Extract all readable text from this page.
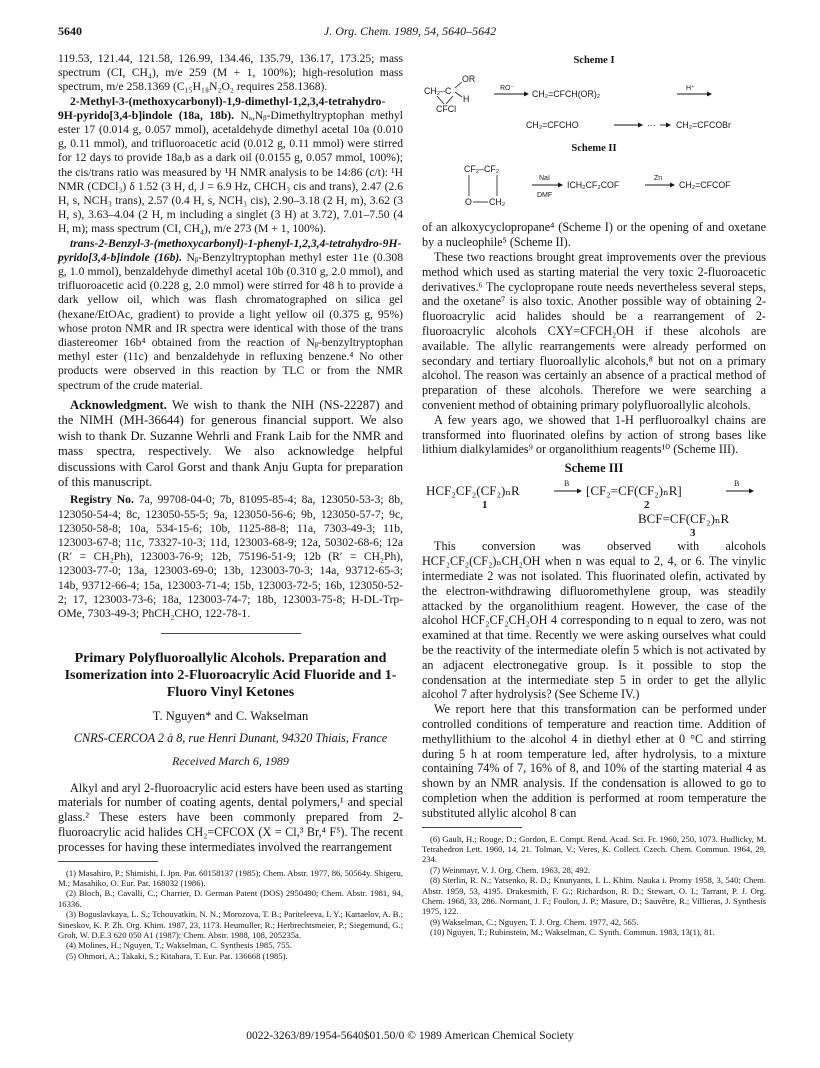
5640	J. Org. Chem. 1989, 54, 5640–5642

119.53, 121.44, 121.58, 126.99, 134.46, 135.79, 136.17, 173.25; mass spectrum (CI, CH₄), m/e 259 (M + 1, 100%); high-resolution mass spectrum, m/e 258.1369 (C₁₅H₁₈N₂O₂ requires 258.1368).

2-Methyl-3-(methoxycarbonyl)-1,9-dimethyl-1,2,3,4-tetrahydro-9H-pyrido[3,4-b]indole (18a, 18b). Nₐ,Nᵦ-Dimethyltryptophan methyl ester 17 (0.014 g, 0.057 mmol), acetaldehyde dimethyl acetal 10a (0.010 g, 0.11 mmol), and trifluoroacetic acid (0.012 g, 0.11 mmol) were stirred for 12 days to provide 18a,b as a dark oil (0.0155 g, 0.057 mmol, 100%); the cis/trans ratio was measured by ¹H NMR analysis to be 14:86 (c/t): ¹H NMR (CDCl₃) δ 1.52 (3 H, d, J = 6.9 Hz, CHCH₃ cis and trans), 2.47 (2.6 H, s, NCH₃ trans), 2.57 (0.4 H, s, NCH₃ cis), 2.90–3.18 (2 H, m), 3.62 (3 H, s), 3.63–4.04 (2 H, m including a singlet (3 H) at 3.72), 7.01–7.50 (4 H, m); mass spectrum (CI, CH₄), m/e 273 (M + 1, 100%).

trans-2-Benzyl-3-(methoxycarbonyl)-1-phenyl-1,2,3,4-tetrahydro-9H-pyrido[3,4-b]indole (16b). Nᵦ-Benzyltryptophan methyl ester 11e (0.308 g, 1.0 mmol), benzaldehyde dimethyl acetal 10b (0.310 g, 2.0 mmol), and trifluoroacetic acid (0.228 g, 2.0 mmol) were stirred for 48 h to provide a dark yellow oil, which was flash chromatographed on silica gel (hexane/EtOAc, gradient) to provide a light yellow oil (0.375 g, 95%) whose proton NMR and IR spectra were identical with those of the trans diastereomer 16b⁴ obtained from the reaction of Nᵦ-benzyltryptophan methyl ester (11c) and benzaldehyde in refluxing benzene.⁴ No other products were observed in this reaction by TLC or from the NMR spectrum of the crude material.

Acknowledgment. We wish to thank the NIH (NS-22287) and the NIMH (MH-36644) for generous financial support. We also wish to thank Dr. Suzanne Wehrli and Frank Laib for the NMR and mass spectra, respectively. We also acknowledge helpful discussions with Carol Gorst and thank Anju Gupta for preparation of this manuscript.

Registry No. 7a, 99708-04-0; 7b, 81095-85-4; 8a, 123050-53-3; 8b, 123050-54-4; 8c, 123050-55-5; 9a, 123050-56-6; 9b, 123050-57-7; 9c, 123050-58-8; 10a, 534-15-6; 10b, 1125-88-8; 11a, 7303-49-3; 11b, 123003-67-8; 11c, 73327-10-3; 11d, 123003-68-9; 12a, 50302-68-6; 12a (R′ = CH₂Ph), 123003-76-9; 12b, 75196-51-9; 12b (R′ = CH₂Ph), 123003-77-0; 13a, 123003-69-0; 13b, 123003-70-3; 14a, 93712-65-3; 14b, 93712-66-4; 15a, 123003-71-4; 15b, 123003-72-5; 16b, 123050-52-2; 17, 123003-73-6; 18a, 123003-74-7; 18b, 123003-75-8; H-DL-Trp-OMe, 7303-49-3; PhCH₂CHO, 122-78-1.

Primary Polyfluoroallylic Alcohols. Preparation and Isomerization into 2-Fluoroacrylic Acid Fluoride and 1-Fluoro Vinyl Ketones
T. Nguyen* and C. Wakselman
CNRS-CERCOA 2 à 8, rue Henri Dunant, 94320 Thiais, France
Received March 6, 1989

Alkyl and aryl 2-fluoroacrylic acid esters have been used as starting materials for number of coating agents, dental polymers,¹ and special glass.² These esters have been commonly prepared from 2-fluoroacrylic acid halides CH₂=CFCOX (X = Cl,³ Br,⁴ F⁵). The recent processes for having these intermediates involved the rearrangement

(1) Masahiro, P.; Shimishi, I. Jpn. Pat. 60158137 (1985); Chem. Abstr. 1977, 86, 50564y. Shigeru, M.; Masahiko, O. Eur. Pat. 168032 (1986).

(2) Bloch, B.; Cavalli, C.; Charrier, D. German Patent (DOS) 2950490; Chem. Abstr. 1981, 94, 16336.

(3) Boguslavkaya, L. S.; Tchouvatkin, N. N.; Morozova, T. B.; Pariteleeva, I. Y.; Kartaelov, A. B.; Sineskov, K. P. Zh. Org. Khim. 1987, 23, 1173. Heumuller, R.; Herbrechtsmeier, P.; Siegemund, G.; Groh, W. D.E.3 620 050 A1 (1987); Chem. Abstr. 1988, 108, 205235a.

(4) Molines, H.; Nguyen, T.; Wakselman, C. Synthesis 1985, 755.

(5) Ohmori, A.; Takaki, S.; Kitahara, T. Eur. Pat. 136668 (1985).

Scheme I
CH₂–C
OR
H
CFCl
RO⁻
CH₂=CFCH(OR)₂
H⁺
CH₂=CFCHO	··· CH₂=CFCOBr
Scheme II
CF₂–CF₂
O CH₂
NaI
DMF
ICH₂CF₂COF
Zn
CH₂=CFCOF

of an alkoxycyclopropane⁴ (Scheme I) or the opening of and oxetane by a nucleophile⁵ (Scheme II).

These two reactions brought great improvements over the previous method which used as starting material the very toxic 2-fluoroacetic derivatives.⁶ The cyclopropane route needs nevertheless several steps, and the oxetane⁷ is also toxic. Another possible way of obtaining 2-fluoroacrylic acid halides should be a rearrangement of 2-fluoroacrylic alcohols CXY=CFCH₂OH if these alcohols are available. The allylic rearrangements were already performed on secondary and tertiary fluoroallylic alcohols,⁸ but not on a primary alcohol. The reason was certainly an absence of a practical method of preparation of these alcohols. Therefore we were searching a convenient method of obtaining primary polyfluoroallylic alcohols.

A few years ago, we showed that 1-H perfluoroalkyl chains are transformed into fluorinated olefins by action of strong bases like lithium dialkylamides⁹ or organolithium reagents¹⁰ (Scheme III).

Scheme III
HCF₂CF₂(CF₂)ₙR
1
B [CF₂=CF(CF₂)ₙR]
2
B
BCF=CF(CF₂)ₙR
3

This conversion was observed with alcohols HCF₂CF₂(CF₂)ₙCH₂OH when n was equal to 2, 4, or 6. The vinylic intermediate 2 was not isolated. This fluorinated olefin, activated by the electron-withdrawing difluoromethylene group, was steadily attacked by the organolithium reagent. However, the case of the alcohol HCF₂CF₂CH₂OH 4 corresponding to n equal to zero, was not examined at that time. Recently we were asking ourselves what could be the reactivity of the intermediate olefin 5 which is not activated by an adjacent electronegative group. Is it possible to stop the condensation at the intermediate step 5 in order to get the allylic alcohol 7 after hydrolysis? (See Scheme IV.)

We report here that this transformation can be performed under controlled conditions of temperature and reaction time. Addition of methyllithium to the alcohol 4 in diethyl ether at 0 °C and stirring during 5 h at room temperature led, after hydrolysis, to a mixture containing 74% of 7, 16% of 8, and 10% of the starting material 4 as shown by an NMR analysis. If the condensation is allowed to go to completion when the addition is performed at room temperature the substituted allylic alcohol 8 can

(6) Gault, H.; Rouge, D.; Gordon, E. Compt. Rend. Acad. Sci. Fr. 1960, 250, 1073. Hudlicky, M. Tetrahedron Lett. 1960, 14, 21. Tolman, V.; Veres, K. Collect. Czech. Chem. Commun. 1964, 29, 234.

(7) Weinmayr, V. J. Org. Chem. 1963, 28, 492.

(8) Sterlin, R. N.; Yatsenko, R. D.; Knunyants, I. L. Khim. Nauka i. Promy 1958, 3, 540; Chem. Abstr. 1959, 53, 4195. Drakesmith, F. G.; Richardson, R. D.; Stewart, O. I.; Tarrant, P. J. Org. Chem. 1968, 33, 286. Normant, J. F.; Foulon, J. P.; Masure, D.; Sauvêtre, R.; Villieras, J. Synthesis 1975, 122.

(9) Wakselman, C.; Nguyen, T. J. Org. Chem. 1977, 42, 565.

(10) Nguyen, T.; Rubinstein, M.; Wakselman, C. Synth. Commun. 1983, 13(1), 81.

0022-3263/89/1954-5640$01.50/0 © 1989 American Chemical Society
